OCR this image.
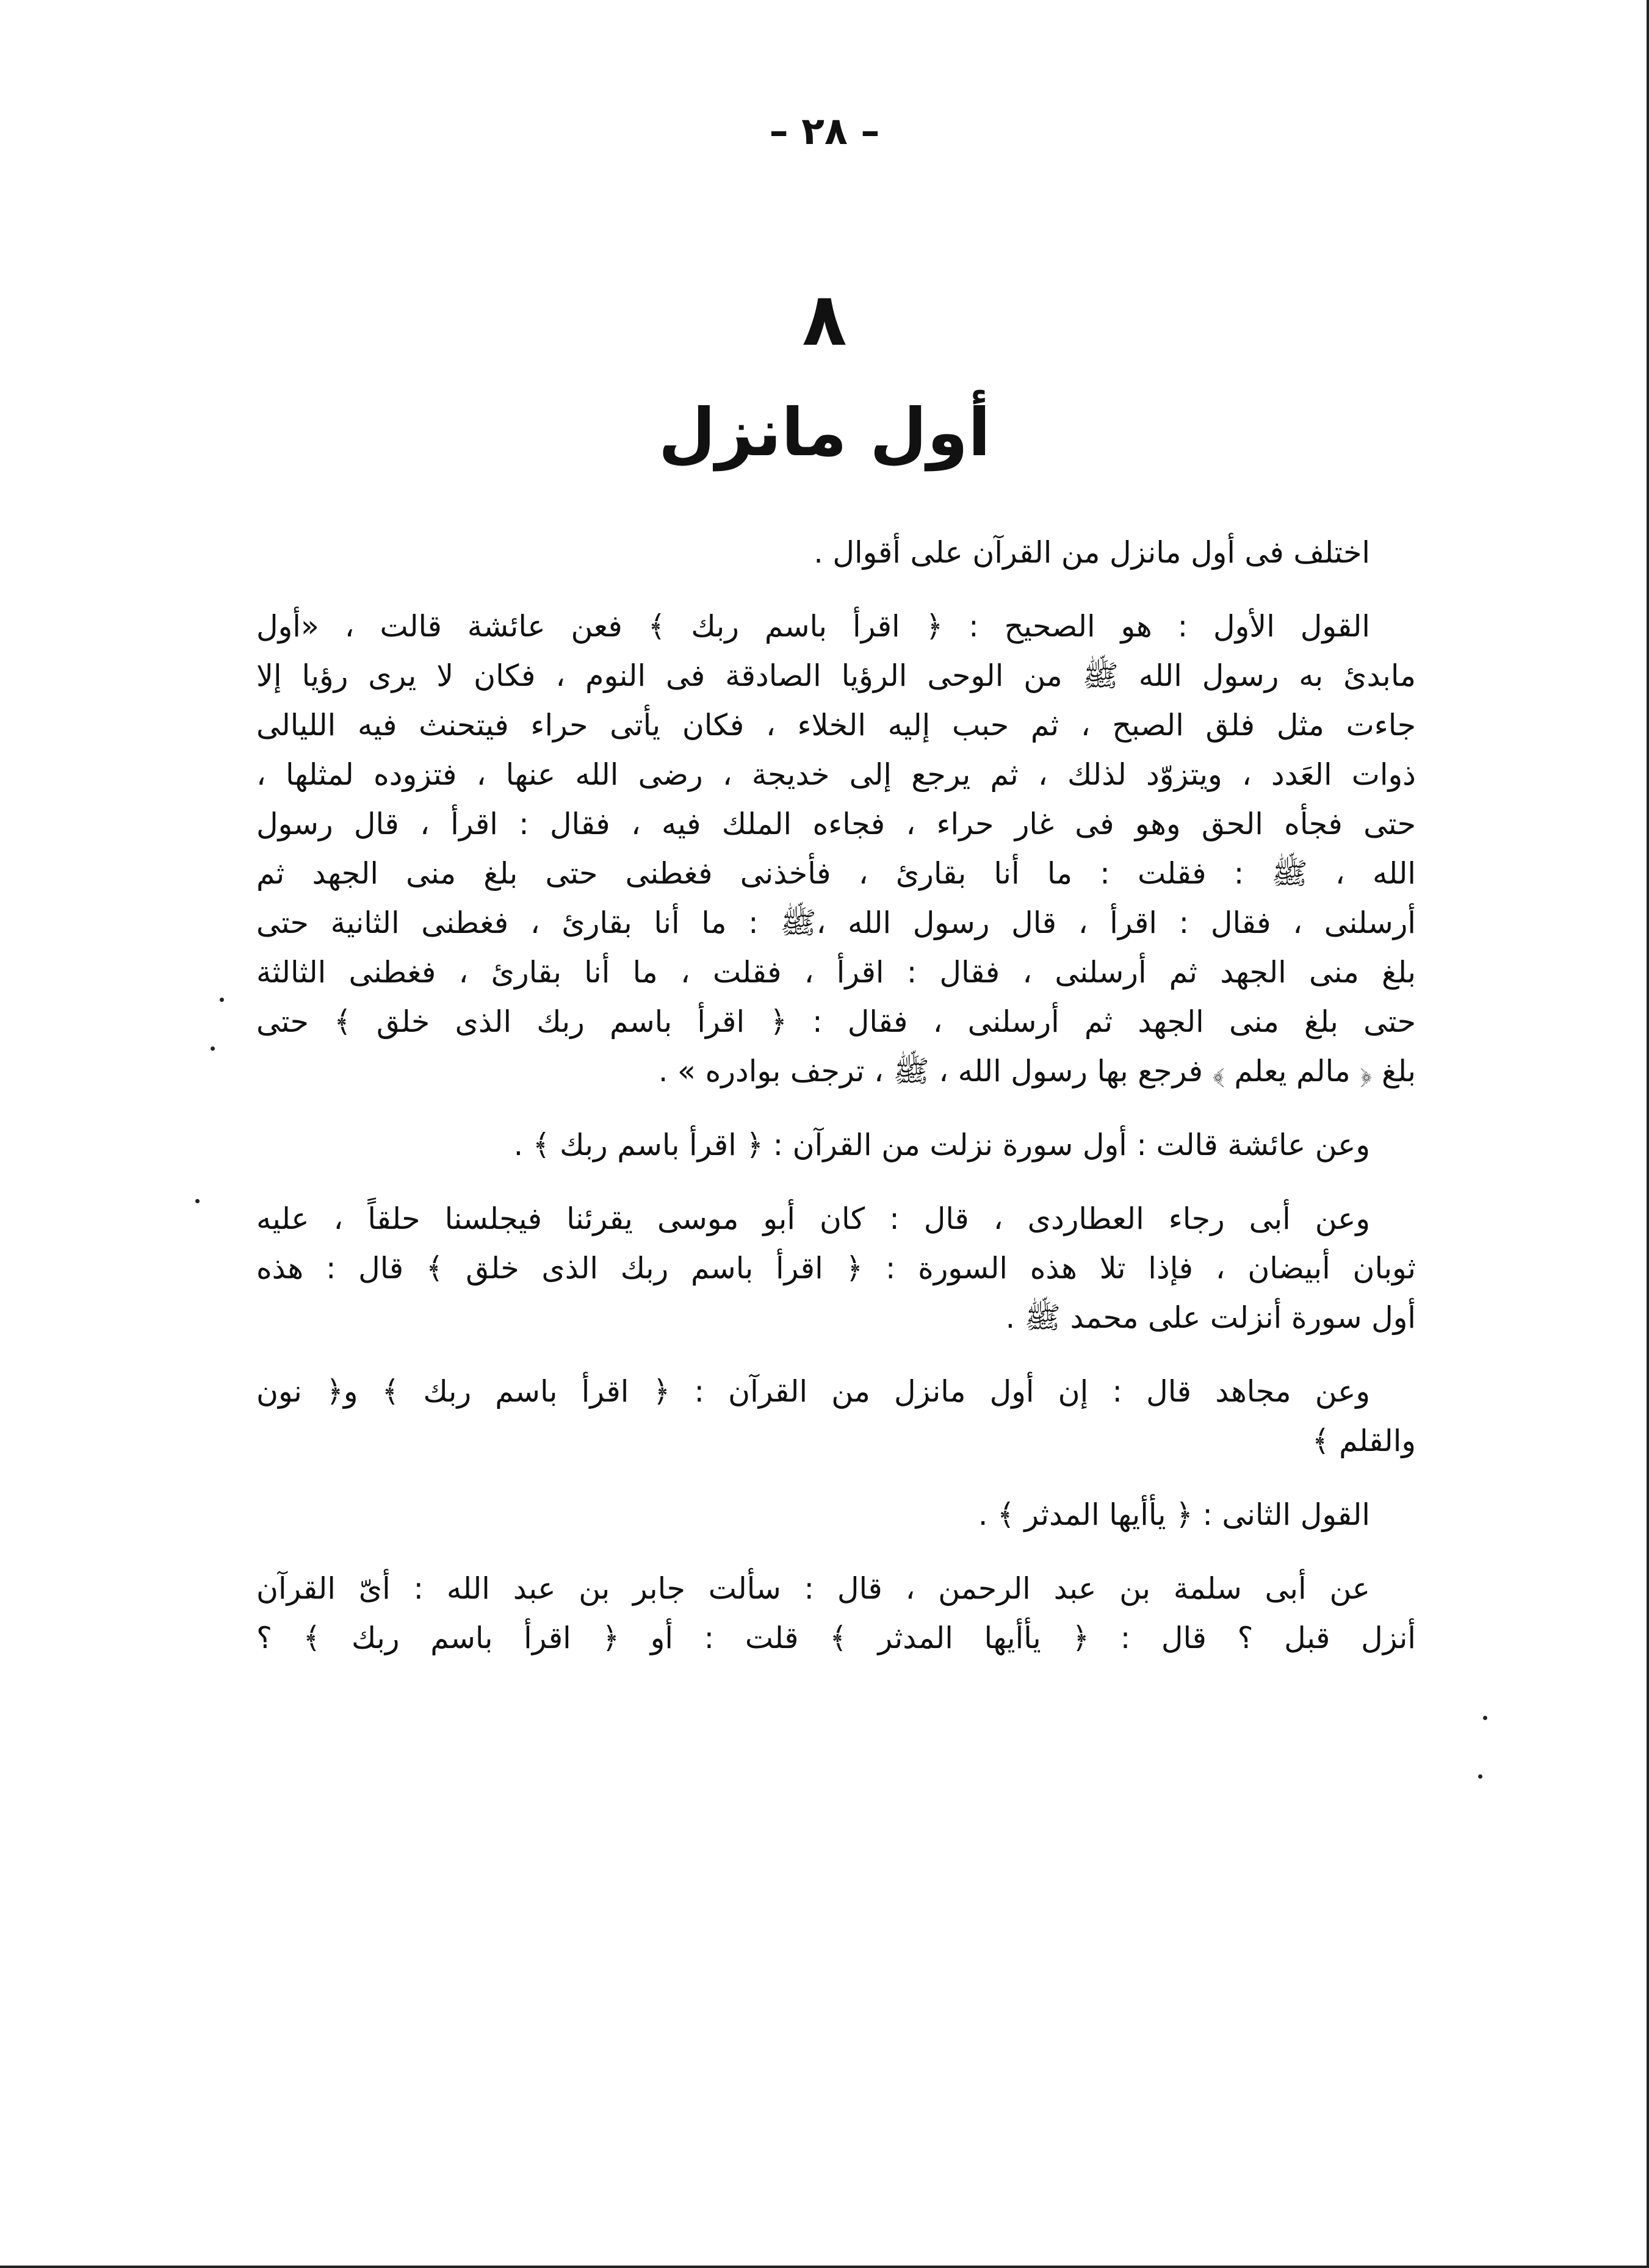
– ٢٨ –
٨
أول مانزل
اختلف فى أول مانزل من القرآن على أقوال .
القول الأول : هو الصحيح : ﴿ اقرأ باسم ربك ﴾ فعن عائشة قالت ، «أول
مابدئ به رسول الله ﷺ من الوحى الرؤيا الصادقة فى النوم ، فكان لا يرى رؤيا إلا
جاءت مثل فلق الصبح ، ثم حبب إليه الخلاء ، فكان يأتى حراء فيتحنث فيه الليالى
ذوات العَدد ، ويتزوّد لذلك ، ثم يرجع إلى خديجة ، رضى الله عنها ، فتزوده لمثلها ،
حتى فجأه الحق وهو فى غار حراء ، فجاءه الملك فيه ، فقال : اقرأ ، قال رسول
الله ، ﷺ : فقلت : ما أنا بقارئ ، فأخذنى فغطنى حتى بلغ منى الجهد ثم
أرسلنى ، فقال : اقرأ ، قال رسول الله ،ﷺ : ما أنا بقارئ ، فغطنى الثانية حتى
بلغ منى الجهد ثم أرسلنى ، فقال : اقرأ ، فقلت ، ما أنا بقارئ ، فغطنى الثالثة
حتى بلغ منى الجهد ثم أرسلنى ، فقال : ﴿ اقرأ باسم ربك الذى خلق ﴾ حتى
بلغ ﴿ مالم يعلم ﴾ فرجع بها رسول الله ، ﷺ ، ترجف بوادره » .
وعن عائشة قالت : أول سورة نزلت من القرآن : ﴿ اقرأ باسم ربك ﴾ .
وعن أبى رجاء العطاردى ، قال : كان أبو موسى يقرئنا فيجلسنا حلقاً ، عليه
ثوبان أبيضان ، فإذا تلا هذه السورة : ﴿ اقرأ باسم ربك الذى خلق ﴾ قال : هذه
أول سورة أنزلت على محمد ﷺ .
وعن مجاهد قال : إن أول مانزل من القرآن : ﴿ اقرأ باسم ربك ﴾ و﴿ نون
والقلم ﴾
القول الثانى : ﴿ يأأيها المدثر ﴾ .
عن أبى سلمة بن عبد الرحمن ، قال : سألت جابر بن عبد الله : أىّ القرآن
أنزل قبل ؟ قال : ﴿ يأأيها المدثر ﴾ قلت : أو ﴿ اقرأ باسم ربك ﴾ ؟
